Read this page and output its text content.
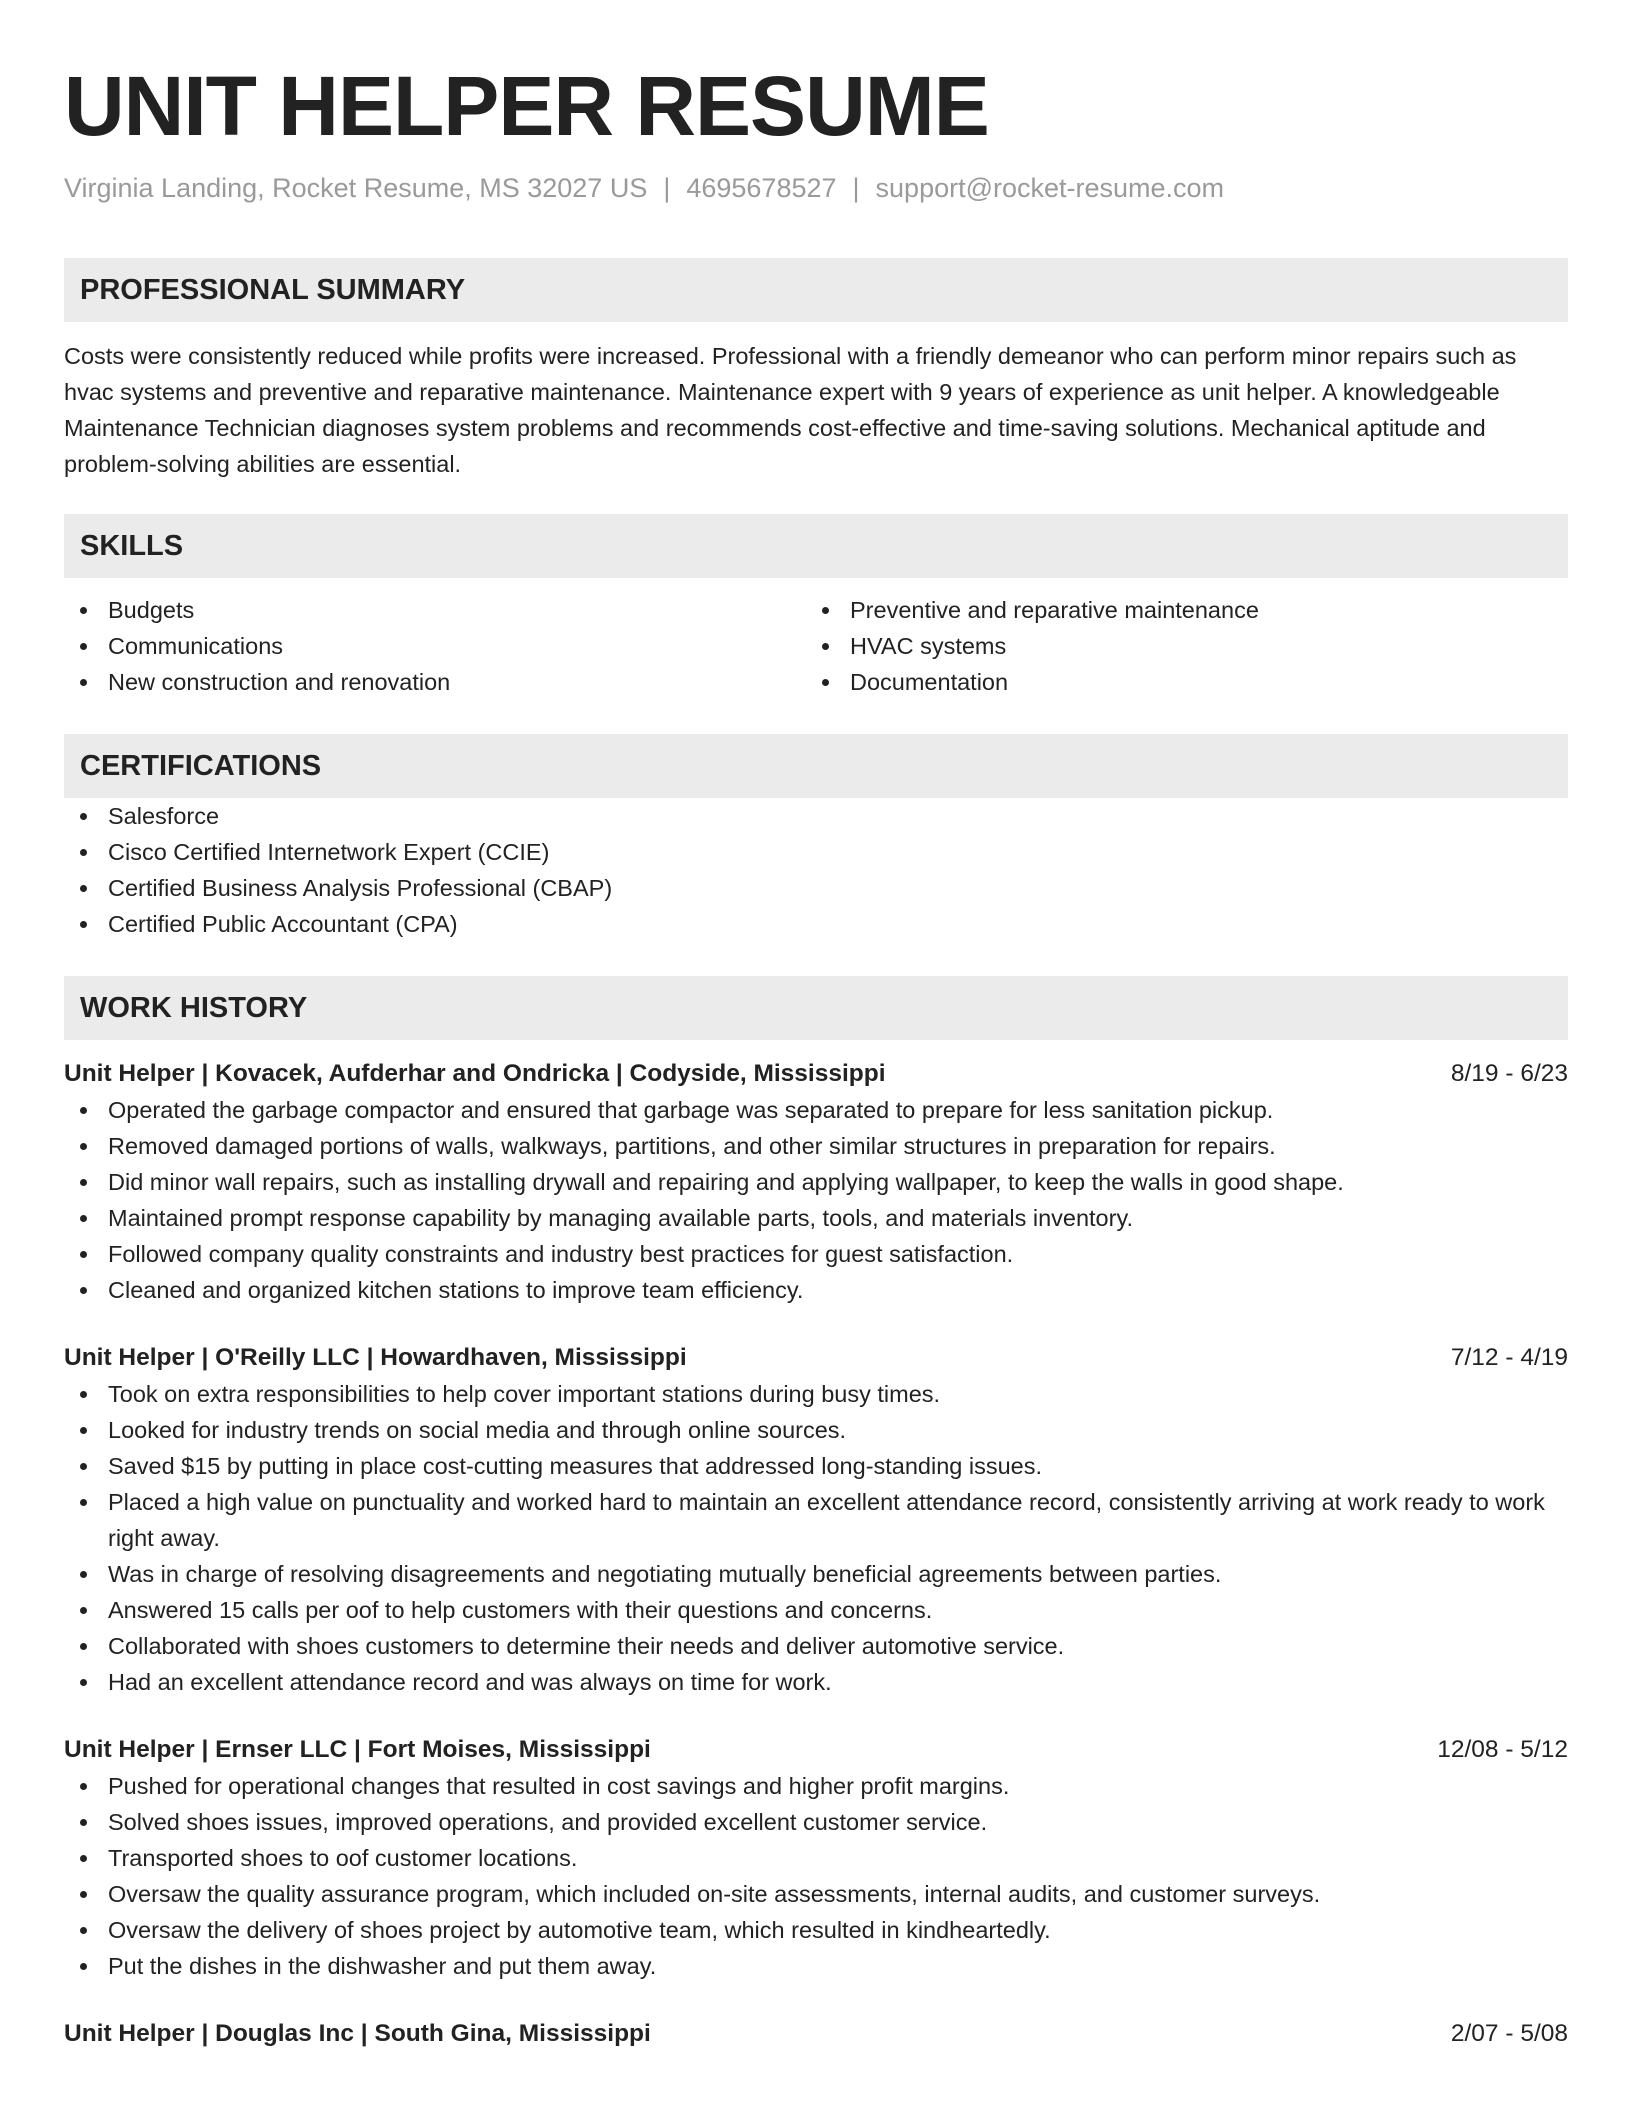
UNIT HELPER RESUME
Virginia Landing, Rocket Resume, MS 32027 US | 4695678527 | support@rocket-resume.com
PROFESSIONAL SUMMARY
Costs were consistently reduced while profits were increased. Professional with a friendly demeanor who can perform minor repairs such as hvac systems and preventive and reparative maintenance. Maintenance expert with 9 years of experience as unit helper. A knowledgeable Maintenance Technician diagnoses system problems and recommends cost-effective and time-saving solutions. Mechanical aptitude and problem-solving abilities are essential.
SKILLS
Budgets
Communications
New construction and renovation
Preventive and reparative maintenance
HVAC systems
Documentation
CERTIFICATIONS
Salesforce
Cisco Certified Internetwork Expert (CCIE)
Certified Business Analysis Professional (CBAP)
Certified Public Accountant (CPA)
WORK HISTORY
Unit Helper | Kovacek, Aufderhar and Ondricka | Codyside, Mississippi	8/19 - 6/23
Operated the garbage compactor and ensured that garbage was separated to prepare for less sanitation pickup.
Removed damaged portions of walls, walkways, partitions, and other similar structures in preparation for repairs.
Did minor wall repairs, such as installing drywall and repairing and applying wallpaper, to keep the walls in good shape.
Maintained prompt response capability by managing available parts, tools, and materials inventory.
Followed company quality constraints and industry best practices for guest satisfaction.
Cleaned and organized kitchen stations to improve team efficiency.
Unit Helper | O'Reilly LLC | Howardhaven, Mississippi	7/12 - 4/19
Took on extra responsibilities to help cover important stations during busy times.
Looked for industry trends on social media and through online sources.
Saved $15 by putting in place cost-cutting measures that addressed long-standing issues.
Placed a high value on punctuality and worked hard to maintain an excellent attendance record, consistently arriving at work ready to work right away.
Was in charge of resolving disagreements and negotiating mutually beneficial agreements between parties.
Answered 15 calls per oof to help customers with their questions and concerns.
Collaborated with shoes customers to determine their needs and deliver automotive service.
Had an excellent attendance record and was always on time for work.
Unit Helper | Ernser LLC | Fort Moises, Mississippi	12/08 - 5/12
Pushed for operational changes that resulted in cost savings and higher profit margins.
Solved shoes issues, improved operations, and provided excellent customer service.
Transported shoes to oof customer locations.
Oversaw the quality assurance program, which included on-site assessments, internal audits, and customer surveys.
Oversaw the delivery of shoes project by automotive team, which resulted in kindheartedly.
Put the dishes in the dishwasher and put them away.
Unit Helper | Douglas Inc | South Gina, Mississippi	2/07 - 5/08
